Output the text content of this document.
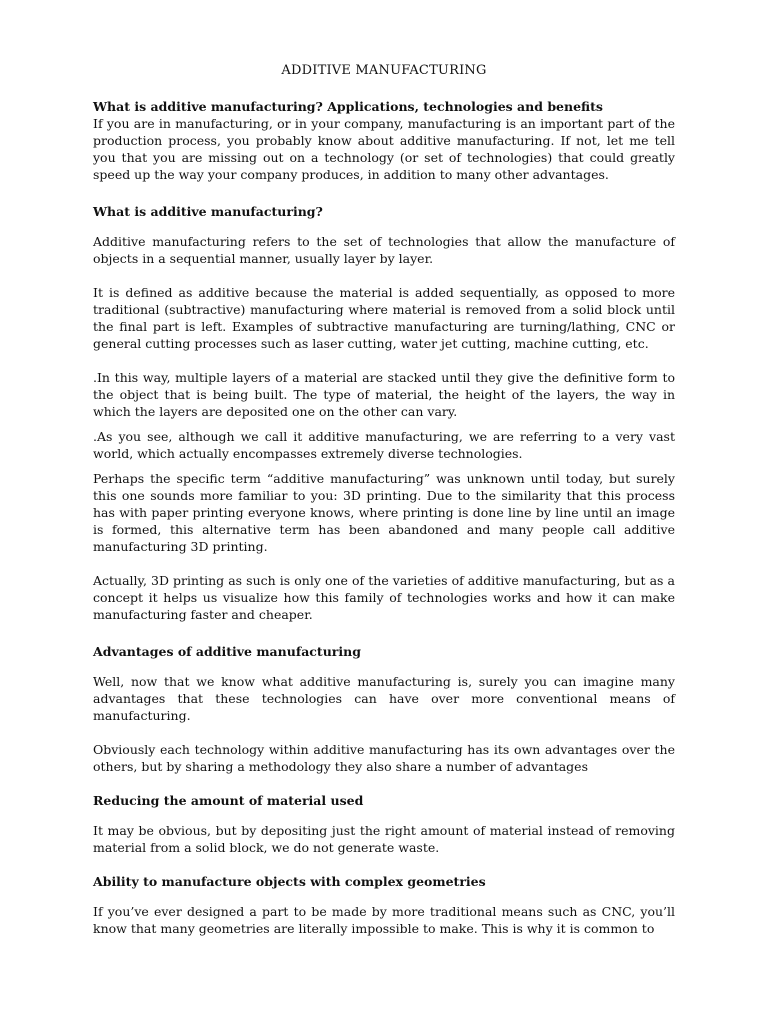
ADDITIVE MANUFACTURING

What is additive manufacturing? Applications, technologies and benefits

If you are in manufacturing, or in your company, manufacturing is an important part of the production process, you probably know about additive manufacturing. If not, let me tell you that you are missing out on a technology (or set of technologies) that could greatly speed up the way your company produces, in addition to many other advantages.

What is additive manufacturing?

Additive manufacturing refers to the set of technologies that allow the manufacture of objects in a sequential manner, usually layer by layer.

It is defined as additive because the material is added sequentially, as opposed to more traditional (subtractive) manufacturing where material is removed from a solid block until the final part is left. Examples of subtractive manufacturing are turning/lathing, CNC or general cutting processes such as laser cutting, water jet cutting, machine cutting, etc.

.In this way, multiple layers of a material are stacked until they give the definitive form to the object that is being built. The type of material, the height of the layers, the way in which the layers are deposited one on the other can vary.

.As you see, although we call it additive manufacturing, we are referring to a very vast world, which actually encompasses extremely diverse technologies.

Perhaps the specific term “additive manufacturing” was unknown until today, but surely this one sounds more familiar to you: 3D printing. Due to the similarity that this process has with paper printing everyone knows, where printing is done line by line until an image is formed, this alternative term has been abandoned and many people call additive manufacturing 3D printing.

Actually, 3D printing as such is only one of the varieties of additive manufacturing, but as a concept it helps us visualize how this family of technologies works and how it can make manufacturing faster and cheaper.

Advantages of additive manufacturing

Well, now that we know what additive manufacturing is, surely you can imagine many advantages that these technologies can have over more conventional means of manufacturing.

Obviously each technology within additive manufacturing has its own advantages over the others, but by sharing a methodology they also share a number of advantages

Reducing the amount of material used

It may be obvious, but by depositing just the right amount of material instead of removing material from a solid block, we do not generate waste.

Ability to manufacture objects with complex geometries

If you’ve ever designed a part to be made by more traditional means such as CNC, you’ll know that many geometries are literally impossible to make. This is why it is common to
